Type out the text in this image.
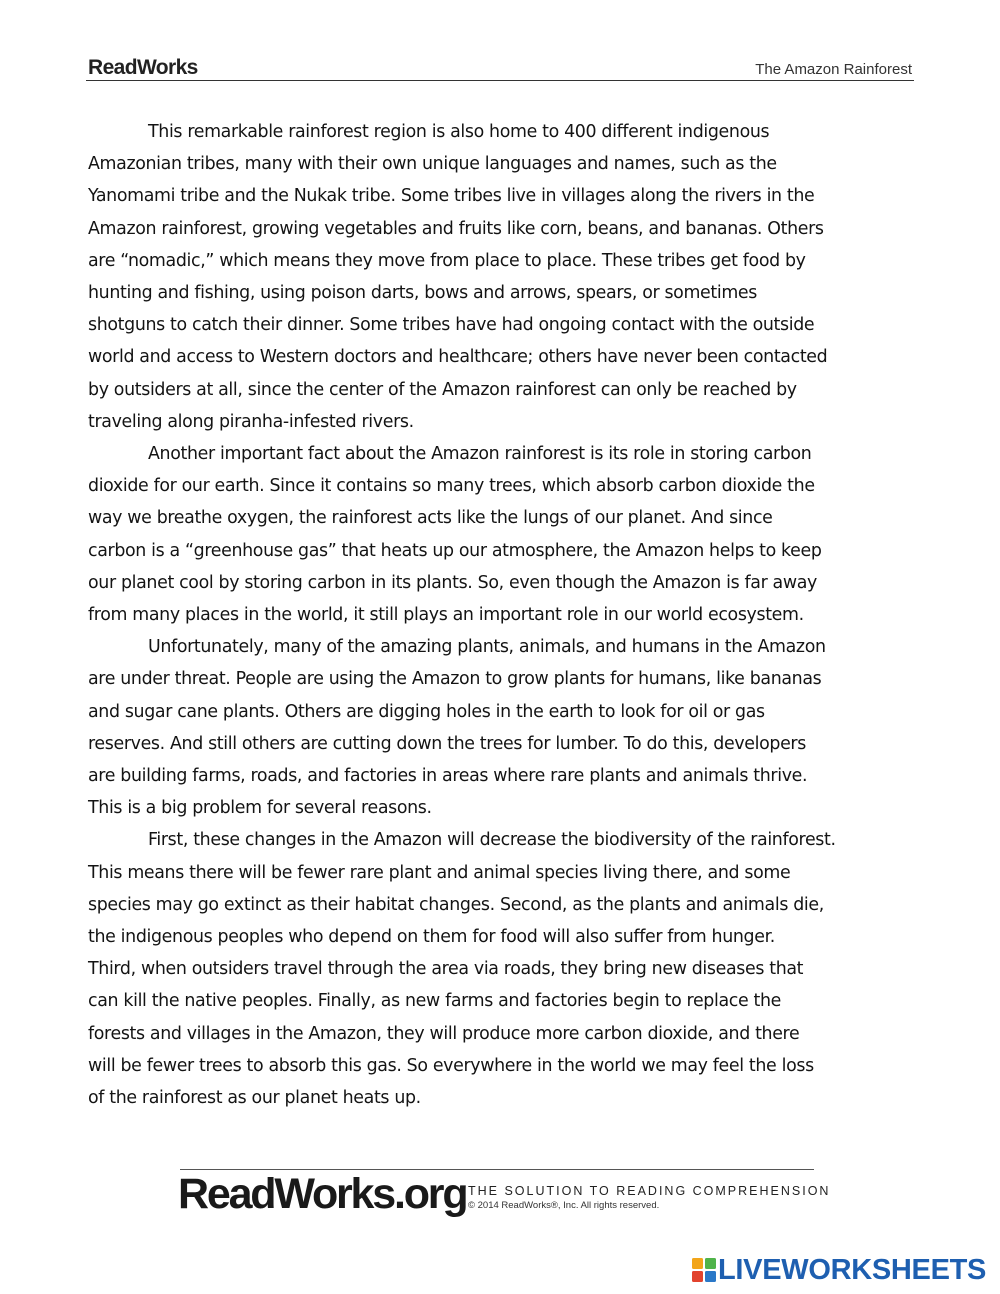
ReadWorks	The Amazon Rainforest

This remarkable rainforest region is also home to 400 different indigenous
Amazonian tribes, many with their own unique languages and names, such as the
Yanomami tribe and the Nukak tribe. Some tribes live in villages along the rivers in the
Amazon rainforest, growing vegetables and fruits like corn, beans, and bananas. Others
are “nomadic,” which means they move from place to place. These tribes get food by
hunting and fishing, using poison darts, bows and arrows, spears, or sometimes
shotguns to catch their dinner. Some tribes have had ongoing contact with the outside
world and access to Western doctors and healthcare; others have never been contacted
by outsiders at all, since the center of the Amazon rainforest can only be reached by
traveling along piranha-infested rivers.

Another important fact about the Amazon rainforest is its role in storing carbon
dioxide for our earth. Since it contains so many trees, which absorb carbon dioxide the
way we breathe oxygen, the rainforest acts like the lungs of our planet. And since
carbon is a “greenhouse gas” that heats up our atmosphere, the Amazon helps to keep
our planet cool by storing carbon in its plants. So, even though the Amazon is far away
from many places in the world, it still plays an important role in our world ecosystem.

Unfortunately, many of the amazing plants, animals, and humans in the Amazon
are under threat. People are using the Amazon to grow plants for humans, like bananas
and sugar cane plants. Others are digging holes in the earth to look for oil or gas
reserves. And still others are cutting down the trees for lumber. To do this, developers
are building farms, roads, and factories in areas where rare plants and animals thrive.
This is a big problem for several reasons.

First, these changes in the Amazon will decrease the biodiversity of the rainforest.
This means there will be fewer rare plant and animal species living there, and some
species may go extinct as their habitat changes. Second, as the plants and animals die,
the indigenous peoples who depend on them for food will also suffer from hunger.
Third, when outsiders travel through the area via roads, they bring new diseases that
can kill the native peoples. Finally, as new farms and factories begin to replace the
forests and villages in the Amazon, they will produce more carbon dioxide, and there
will be fewer trees to absorb this gas. So everywhere in the world we may feel the loss
of the rainforest as our planet heats up.

ReadWorks.org THE SOLUTION TO READING COMPREHENSION
© 2014 ReadWorks®, Inc. All rights reserved.
LIVEWORKSHEETS
